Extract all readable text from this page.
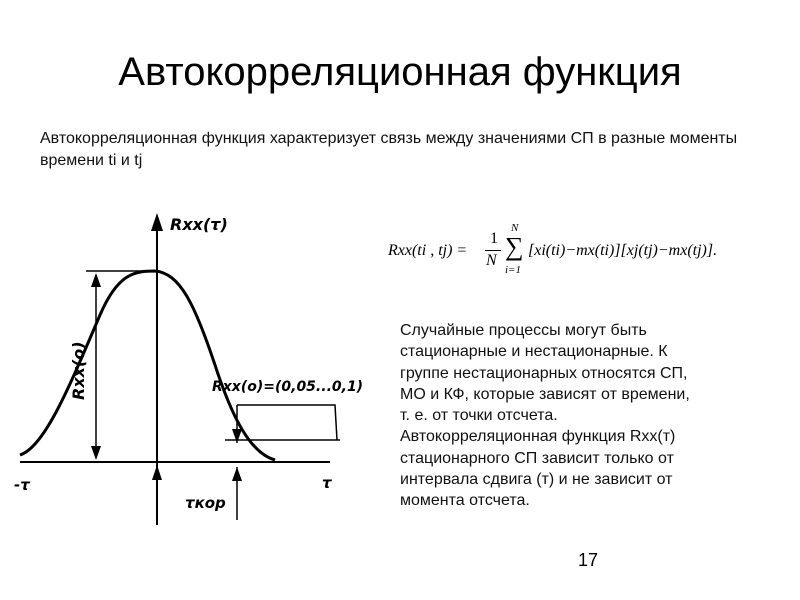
Автокорреляционная функция
Автокорреляционная функция характеризует связь между значениями СП в разные моменты времени ti и tj
Rxx(τ)
Rxx(o)	Rxx(o)=(0,05...0,1)
-τ	τ
τкор
Rxx(ti , tj) =
1
N
N
∑
i=1
[xi(ti)−mx(ti)][xj(tj)−mx(tj)].
Случайные процессы могут быть
стационарные и нестационарные. К
группе нестационарных относятся СП,
МО и КФ, которые зависят от времени,
т. е. от точки отсчета.
Автокорреляционная функция Rxx(т)
стационарного СП зависит только от
интервала сдвига (т) и не зависит от
момента отсчета.
17
